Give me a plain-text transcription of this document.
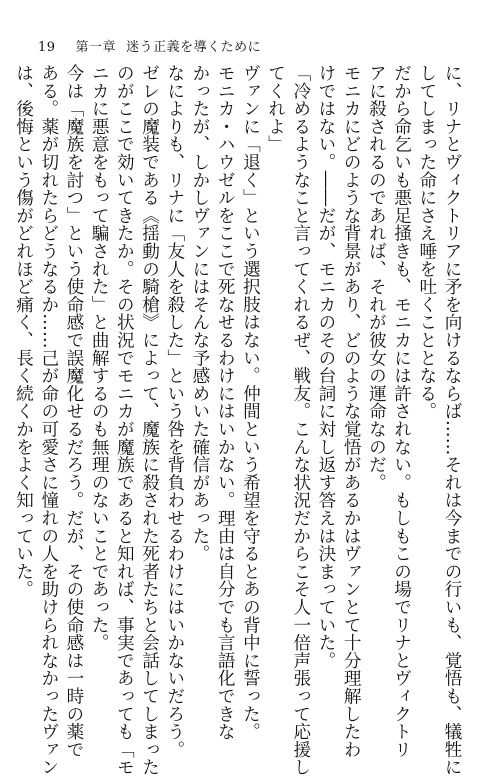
19 第一章 迷う正義を導くために
に、リナとヴィクトリアに矛を向けるならば……それは今までの行いも、覚悟も、犠牲に
してしまった命にさえ唾を吐くこととなる。
だから命乞いも悪足掻きも、モニカには許されない。もしもこの場でリナとヴィクトリ
アに殺されるのであれば、それが彼女の運命なのだ。
モニカにどのような背景があり、どのような覚悟があるかはヴァンとて十分理解したわ
けではない。――だが、モニカのその台詞に対し返す答えは決まっていた。
「冷めるようなこと言ってくれるぜ、戦友。こんな状況だからこそ人一倍声張って応援し
てくれよ」
ヴァンに「退く」という選択肢はない。仲間という希望を守るとあの背中に誓った。
モニカ・ハウゼルをここで死なせるわけにはいかない。理由は自分でも言語化できな
かったが、しかしヴァンにはそんな予感めいた確信があった。
なによりも、リナに「友人を殺した」という咎を背負わせるわけにはいかないだろう。
ゼレの魔装である《揺動の騎槍》によって、魔族に殺された死者たちと会話してしまった
のがここで効いてきたか。その状況でモニカが魔族であると知れば、事実であっても「モ
ニカに悪意をもって騙された」と曲解するのも無理のないことであった。
今は「魔族を討つ」という使命感で誤魔化せるだろう。だが、その使命感は一時の薬で
ある。薬が切れたらどうなるか……己が命の可愛さに憧れの人を助けられなかったヴァン
は、後悔という傷がどれほど痛く、長く続くかをよく知っていた。
